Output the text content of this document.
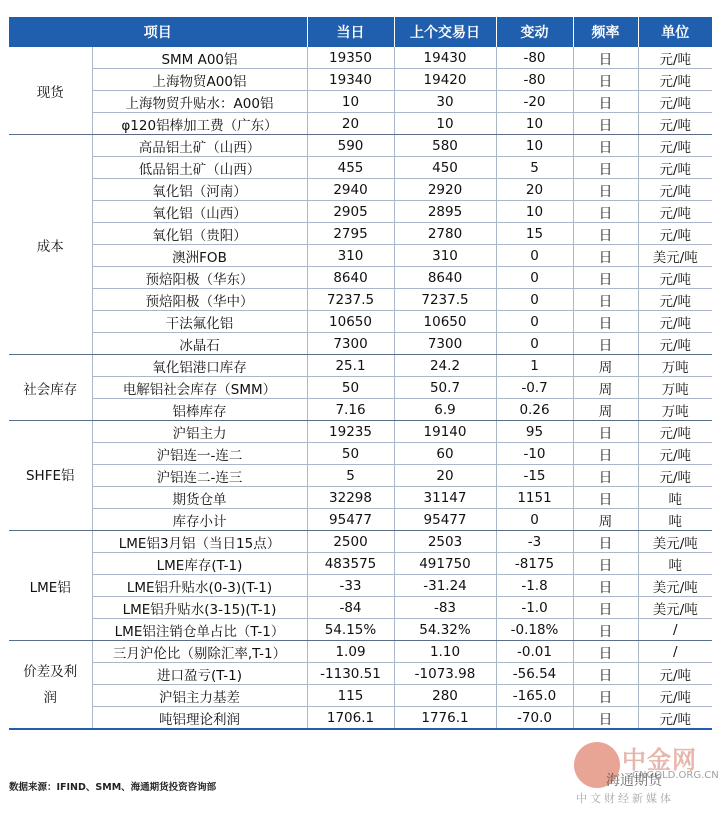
项目		当日	上个交易日	变动	频率	单位
现货	SMM A00铝	19350	19430	-80	日	元/吨
	上海物贸A00铝	19340	19420	-80	日	元/吨
	上海物贸升贴水：A00铝	10	30	-20	日	元/吨
	φ120铝棒加工费（广东）	20	10	10	日	元/吨
成本	高品铝土矿（山西）	590	580	10	日	元/吨
	低品铝土矿（山西）	455	450	5	日	元/吨
	氧化铝（河南）	2940	2920	20	日	元/吨
	氧化铝（山西）	2905	2895	10	日	元/吨
	氧化铝（贵阳）	2795	2780	15	日	元/吨
	澳洲FOB	310	310	0	日	美元/吨
	预焙阳极（华东）	8640	8640	0	日	元/吨
	预焙阳极（华中）	7237.5	7237.5	0	日	元/吨
	干法氟化铝	10650	10650	0	日	元/吨
	冰晶石	7300	7300	0	日	元/吨
社会库存	氧化铝港口库存	25.1	24.2	1	周	万吨
	电解铝社会库存（SMM）	50	50.7	-0.7	周	万吨
	铝棒库存	7.16	6.9	0.26	周	万吨
SHFE铝	沪铝主力	19235	19140	95	日	元/吨
	沪铝连一-连二	50	60	-10	日	元/吨
	沪铝连二-连三	5	20	-15	日	元/吨
	期货仓单	32298	31147	1151	日	吨
	库存小计	95477	95477	0	周	吨
LME铝	LME铝3月铝（当日15点）	2500	2503	-3	日	美元/吨
	LME库存(T-1)	483575	491750	-8175	日	吨
	LME铝升贴水(0-3)(T-1)	-33	-31.24	-1.8	日	美元/吨
	LME铝升贴水(3-15)(T-1)	-84	-83	-1.0	日	美元/吨
	LME铝注销仓单占比（T-1）	54.15%	54.32%	-0.18%	日	/
价差及利润	三月沪伦比（剔除汇率,T-1）	1.09	1.10	-0.01	日	/
	进口盈亏(T-1)	-1130.51	-1073.98	-56.54	日	元/吨
	沪铝主力基差	115	280	-165.0	日	元/吨
	吨铝理论利润	1706.1	1776.1	-70.0	日	元/吨
数据来源：IFIND、SMM、海通期货投资咨询部
中金网
CNGOLD.ORG.CN
海通期货
中文财经新媒体
